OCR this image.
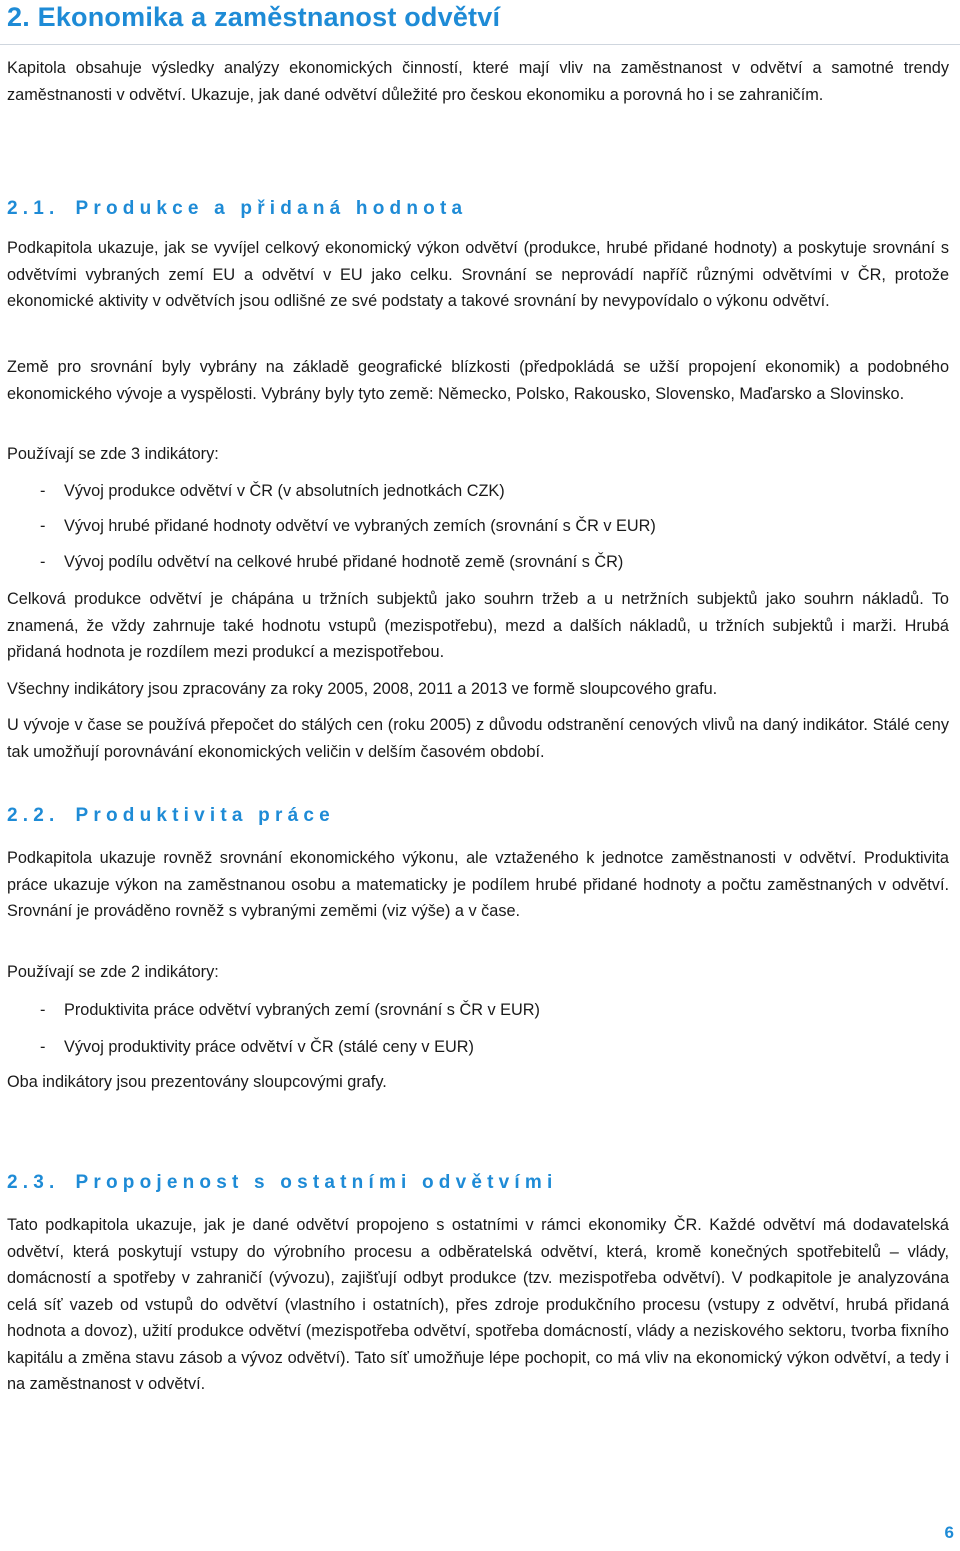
2. Ekonomika a zaměstnanost odvětví

Kapitola obsahuje výsledky analýzy ekonomických činností, které mají vliv na zaměstnanost v odvětví a samotné trendy zaměstnanosti v odvětví. Ukazuje, jak dané odvětví důležité pro českou ekonomiku a porovná ho i se zahraničím.

2.1. Produkce a přidaná hodnota

Podkapitola ukazuje, jak se vyvíjel celkový ekonomický výkon odvětví (produkce, hrubé přidané hodnoty) a poskytuje srovnání s odvětvími vybraných zemí EU a odvětví v EU jako celku. Srovnání se neprovádí napříč různými odvětvími v ČR, protože ekonomické aktivity v odvětvích jsou odlišné ze své podstaty a takové srovnání by nevypovídalo o výkonu odvětví.

Země pro srovnání byly vybrány na základě geografické blízkosti (předpokládá se užší propojení ekonomik) a podobného ekonomického vývoje a vyspělosti. Vybrány byly tyto země: Německo, Polsko, Rakousko, Slovensko, Maďarsko a Slovinsko.

Používají se zde 3 indikátory:

- Vývoj produkce odvětví v ČR (v absolutních jednotkách CZK)
- Vývoj hrubé přidané hodnoty odvětví ve vybraných zemích (srovnání s ČR v EUR)
- Vývoj podílu odvětví na celkové hrubé přidané hodnotě země (srovnání s ČR)

Celková produkce odvětví je chápána u tržních subjektů jako souhrn tržeb a u netržních subjektů jako souhrn nákladů. To znamená, že vždy zahrnuje také hodnotu vstupů (mezispotřebu), mezd a dalších nákladů, u tržních subjektů i marži. Hrubá přidaná hodnota je rozdílem mezi produkcí a mezispotřebou.

Všechny indikátory jsou zpracovány za roky 2005, 2008, 2011 a 2013 ve formě sloupcového grafu.

U vývoje v čase se používá přepočet do stálých cen (roku 2005) z důvodu odstranění cenových vlivů na daný indikátor. Stálé ceny tak umožňují porovnávání ekonomických veličin v delším časovém období.

2.2. Produktivita práce

Podkapitola ukazuje rovněž srovnání ekonomického výkonu, ale vztaženého k jednotce zaměstnanosti v odvětví. Produktivita práce ukazuje výkon na zaměstnanou osobu a matematicky je podílem hrubé přidané hodnoty a počtu zaměstnaných v odvětví. Srovnání je prováděno rovněž s vybranými zeměmi (viz výše) a v čase.

Používají se zde 2 indikátory:

- Produktivita práce odvětví vybraných zemí (srovnání s ČR v EUR)
- Vývoj produktivity práce odvětví v ČR (stálé ceny v EUR)

Oba indikátory jsou prezentovány sloupcovými grafy.

2.3. Propojenost s ostatními odvětvími

Tato podkapitola ukazuje, jak je dané odvětví propojeno s ostatními v rámci ekonomiky ČR. Každé odvětví má dodavatelská odvětví, která poskytují vstupy do výrobního procesu a odběratelská odvětví, která, kromě konečných spotřebitelů – vlády, domácností a spotřeby v zahraničí (vývozu), zajišťují odbyt produkce (tzv. mezispotřeba odvětví). V podkapitole je analyzována celá síť vazeb od vstupů do odvětví (vlastního i ostatních), přes zdroje produkčního procesu (vstupy z odvětví, hrubá přidaná hodnota a dovoz), užití produkce odvětví (mezispotřeba odvětví, spotřeba domácností, vlády a neziskového sektoru, tvorba fixního kapitálu a změna stavu zásob a vývoz odvětví). Tato síť umožňuje lépe pochopit, co má vliv na ekonomický výkon odvětví, a tedy i na zaměstnanost v odvětví.

6
